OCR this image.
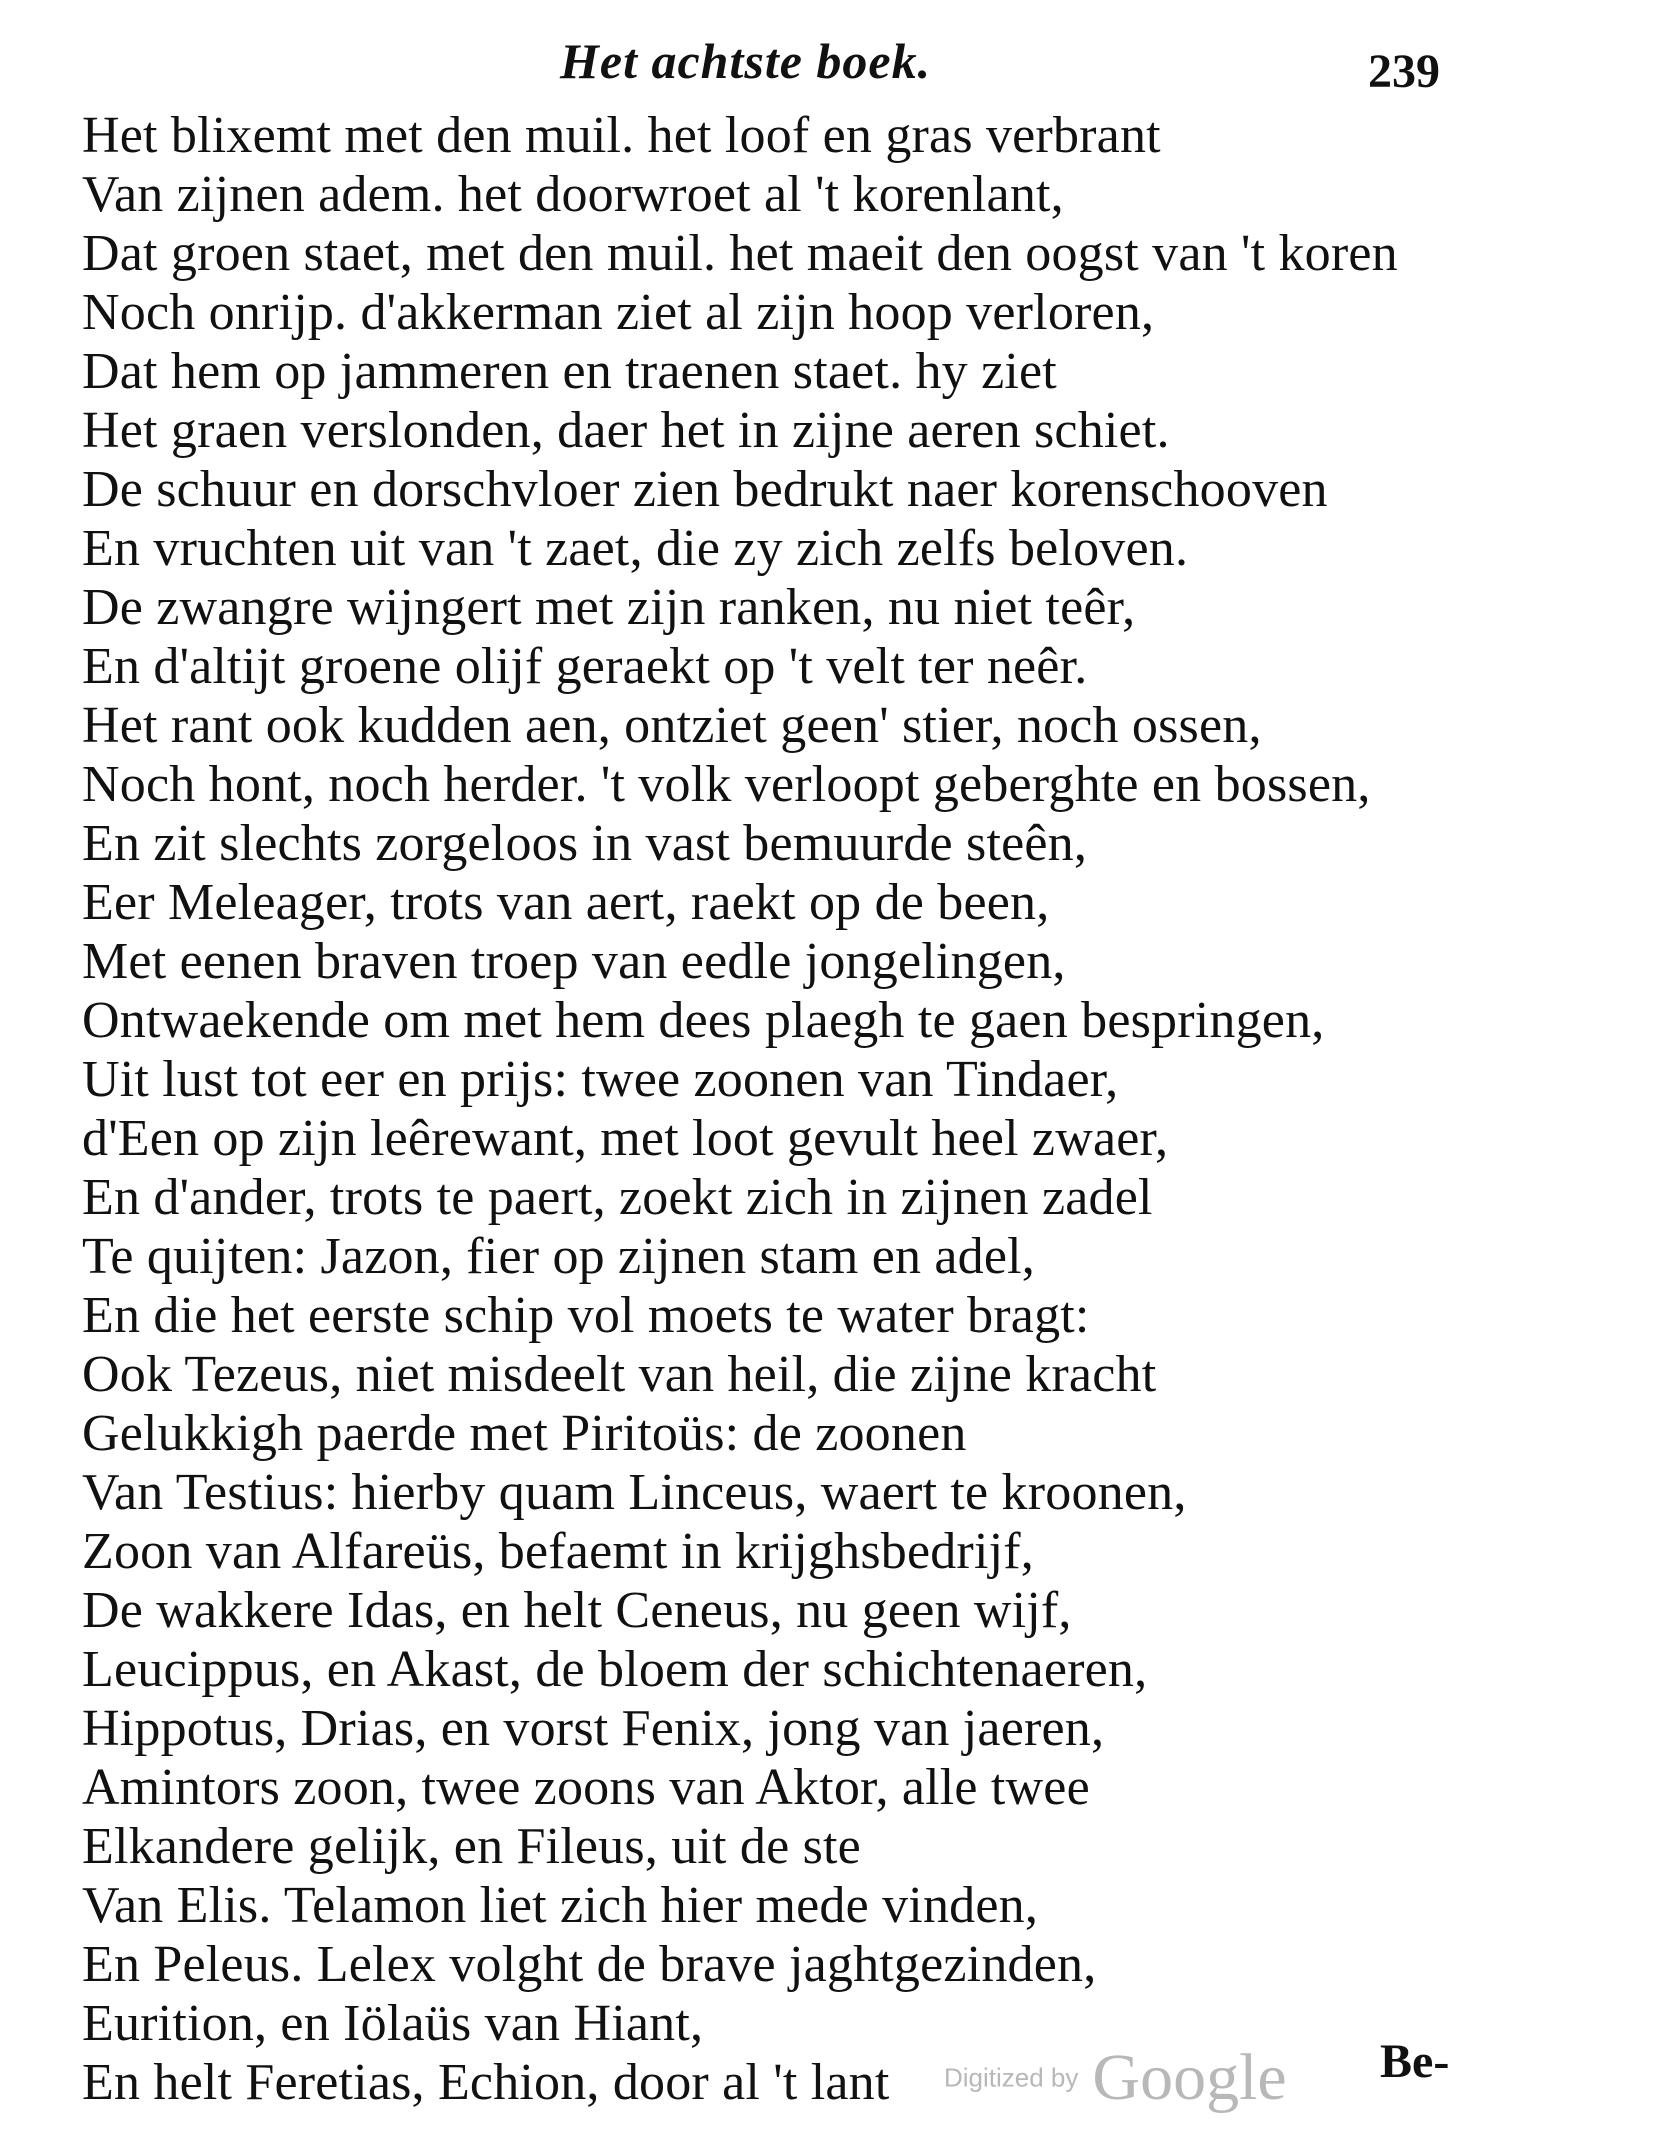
Het achtste boek.	239
Het blixemt met den muil. het loof en gras verbrant
Van zijnen adem. het doorwroet al 't korenlant,
Dat groen staet, met den muil. het maeit den oogst van 't koren
Noch onrijp. d'akkerman ziet al zijn hoop verloren,
Dat hem op jammeren en traenen staet. hy ziet
Het graen verslonden, daer het in zijne aeren schiet.
De schuur en dorschvloer zien bedrukt naer korenschooven
En vruchten uit van 't zaet, die zy zich zelfs beloven.
De zwangre wijngert met zijn ranken, nu niet teêr,
En d'altijt groene olijf geraekt op 't velt ter neêr.
Het rant ook kudden aen, ontziet geen' stier, noch ossen,
Noch hont, noch herder. 't volk verloopt geberghte en bossen,
En zit slechts zorgeloos in vast bemuurde steên,
Eer Meleager, trots van aert, raekt op de been,
Met eenen braven troep van eedle jongelingen,
Ontwaekende om met hem dees plaegh te gaen bespringen,
Uit lust tot eer en prijs: twee zoonen van Tindaer,
d'Een op zijn leêrewant, met loot gevult heel zwaer,
En d'ander, trots te paert, zoekt zich in zijnen zadel
Te quijten: Jazon, fier op zijnen stam en adel,
En die het eerste schip vol moets te water bragt:
Ook Tezeus, niet misdeelt van heil, die zijne kracht
Gelukkigh paerde met Piritoüs: de zoonen
Van Testius: hierby quam Linceus, waert te kroonen,
Zoon van Alfareüs, befaemt in krijghsbedrijf,
De wakkere Idas, en helt Ceneus, nu geen wijf,
Leucippus, en Akast, de bloem der schichtenaeren,
Hippotus, Drias, en vorst Fenix, jong van jaeren,
Amintors zoon, twee zoons van Aktor, alle twee
Elkandere gelijk, en Fileus, uit de ste
Van Elis. Telamon liet zich hier mede vinden,
En Peleus. Lelex volght de brave jaghtgezinden,
Eurition, en Iölaüs van Hiant,
En helt Feretias, Echion, door al 't lant	Digitized by Google Be-
